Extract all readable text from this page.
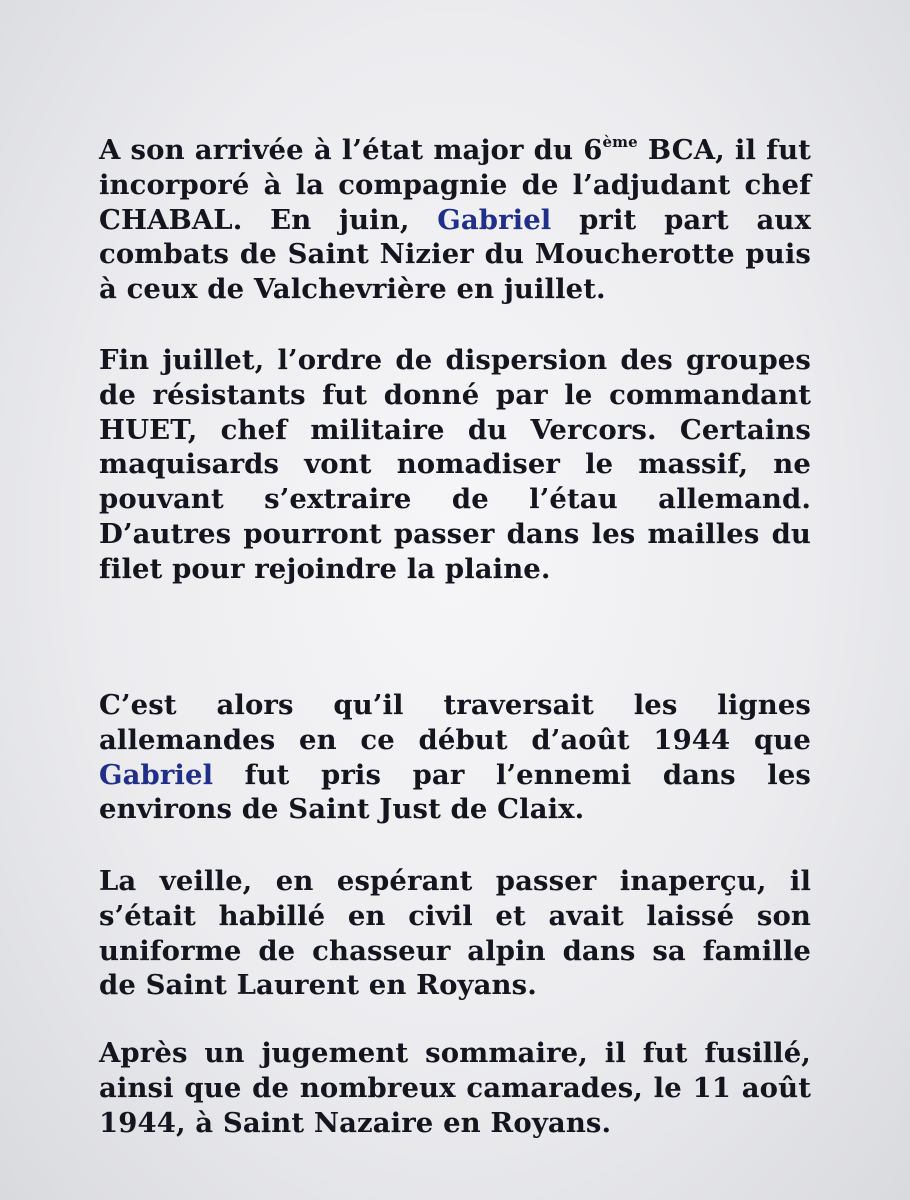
A son arrivée à l’état major du 6ème BCA, il fut incorporé à la compagnie de l’adjudant chef CHABAL. En juin, Gabriel prit part aux combats de Saint Nizier du Moucherotte puis à ceux de Valchevrière en juillet.

Fin juillet, l’ordre de dispersion des groupes de résistants fut donné par le commandant HUET, chef militaire du Vercors. Certains maquisards vont nomadiser le massif, ne pouvant s’extraire de l’étau allemand. D’autres pourront passer dans les mailles du filet pour rejoindre la plaine.

C’est alors qu’il traversait les lignes allemandes en ce début d’août 1944 que Gabriel fut pris par l’ennemi dans les environs de Saint Just de Claix.

La veille, en espérant passer inaperçu, il s’était habillé en civil et avait laissé son uniforme de chasseur alpin dans sa famille de Saint Laurent en Royans.

Après un jugement sommaire, il fut fusillé, ainsi que de nombreux camarades, le 11 août 1944, à Saint Nazaire en Royans.
